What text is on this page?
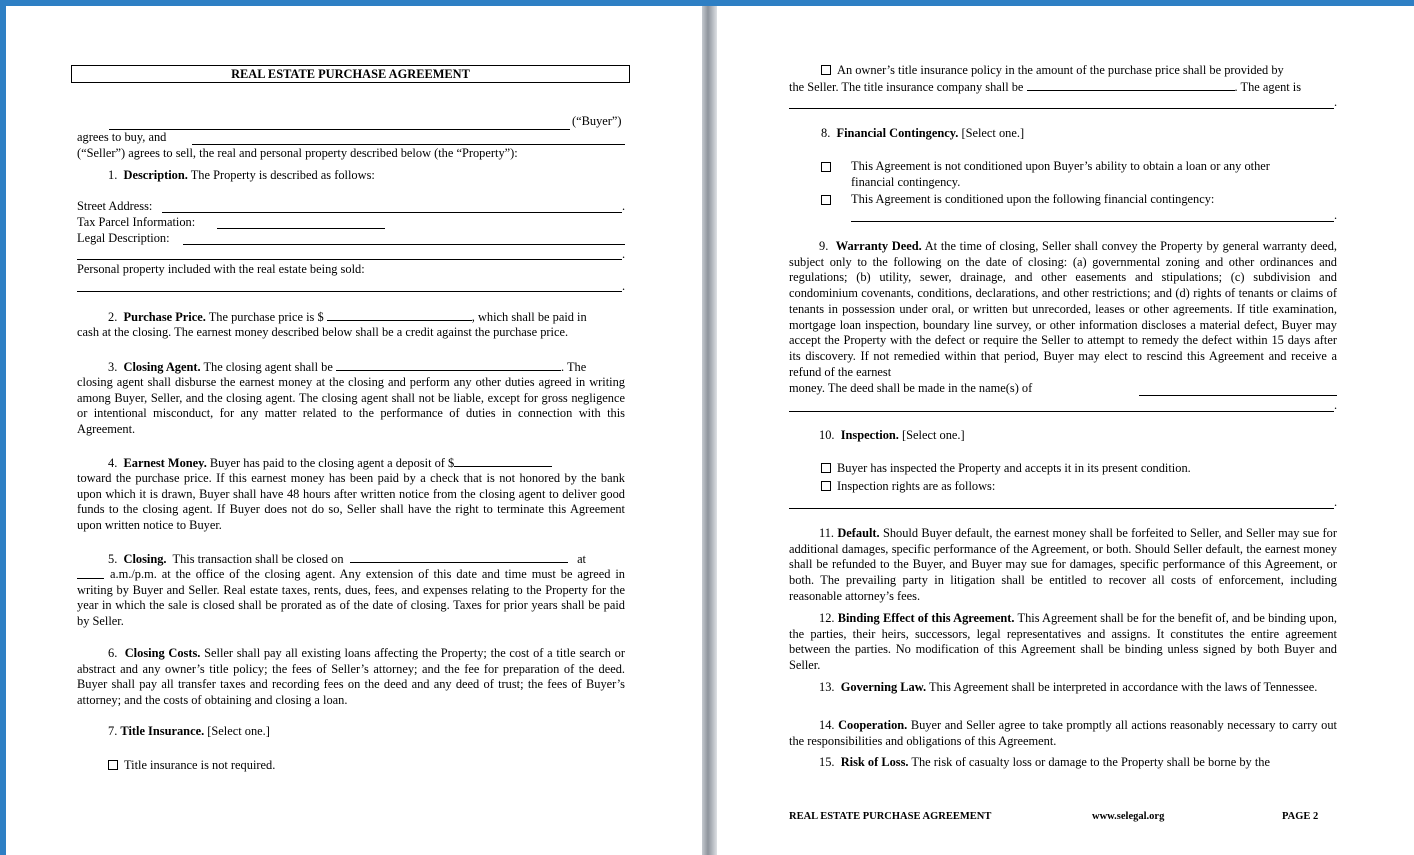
REAL ESTATE PURCHASE AGREEMENT
(“Buyer”)
agrees to buy, and
(“Seller”) agrees to sell, the real and personal property described below (the “Property”):
1. Description. The Property is described as follows:
Street Address:	.
Tax Parcel Information:
Legal Description:
.
Personal property included with the real estate being sold:
.
2. Purchase Price. The purchase price is $	, which shall be paid in
cash at the closing. The earnest money described below shall be a credit against the purchase price.
3. Closing Agent. The closing agent shall be	. The
closing agent shall disburse the earnest money at the closing and perform any other duties agreed in writing among Buyer, Seller, and the closing agent. The closing agent shall not be liable, except for gross negligence or intentional misconduct, for any matter related to the performance of duties in connection with this Agreement.
4. Earnest Money. Buyer has paid to the closing agent a deposit of $
toward the purchase price. If this earnest money has been paid by a check that is not honored by the bank upon which it is drawn, Buyer shall have 48 hours after written notice from the closing agent to deliver good funds to the closing agent. If Buyer does not do so, Seller shall have the right to terminate this Agreement upon written notice to Buyer.
5. Closing. This transaction shall be closed on	at
a.m./p.m. at the office of the closing agent. Any extension of this date and time must be agreed in writing by Buyer and Seller. Real estate taxes, rents, dues, fees, and expenses relating to the Property for the year in which the sale is closed shall be prorated as of the date of closing. Taxes for prior years shall be paid by Seller.
6. Closing Costs. Seller shall pay all existing loans affecting the Property; the cost of a title search or abstract and any owner’s title policy; the fees of Seller’s attorney; and the fee for preparation of the deed. Buyer shall pay all transfer taxes and recording fees on the deed and any deed of trust; the fees of Buyer’s attorney; and the costs of obtaining and closing a loan.
7. Title Insurance. [Select one.]
Title insurance is not required.
An owner’s title insurance policy in the amount of the purchase price shall be provided by
the Seller. The title insurance company shall be	. The agent is
.
8. Financial Contingency. [Select one.]
This Agreement is not conditioned upon Buyer’s ability to obtain a loan or any other
financial contingency.
This Agreement is conditioned upon the following financial contingency:
.
9. Warranty Deed. At the time of closing, Seller shall convey the Property by general warranty deed, subject only to the following on the date of closing: (a) governmental zoning and other ordinances and regulations; (b) utility, sewer, drainage, and other easements and stipulations; (c) subdivision and condominium covenants, conditions, declarations, and other restrictions; and (d) rights of tenants or claims of tenants in possession under oral, or written but unrecorded, leases or other agreements. If title examination, mortgage loan inspection, boundary line survey, or other information discloses a material defect, Buyer may accept the Property with the defect or require the Seller to attempt to remedy the defect within 15 days after its discovery. If not remedied within that period, Buyer may elect to rescind this Agreement and receive a refund of the earnest
money. The deed shall be made in the name(s) of
.
10. Inspection. [Select one.]
Buyer has inspected the Property and accepts it in its present condition.
Inspection rights are as follows:
.
11. Default. Should Buyer default, the earnest money shall be forfeited to Seller, and Seller may sue for additional damages, specific performance of the Agreement, or both. Should Seller default, the earnest money shall be refunded to the Buyer, and Buyer may sue for damages, specific performance of this Agreement, or both. The prevailing party in litigation shall be entitled to recover all costs of enforcement, including reasonable attorney’s fees.
12. Binding Effect of this Agreement. This Agreement shall be for the benefit of, and be binding upon, the parties, their heirs, successors, legal representatives and assigns. It constitutes the entire agreement between the parties. No modification of this Agreement shall be binding unless signed by both Buyer and Seller.
13. Governing Law. This Agreement shall be interpreted in accordance with the laws of Tennessee.
14. Cooperation. Buyer and Seller agree to take promptly all actions reasonably necessary to carry out the responsibilities and obligations of this Agreement.
15. Risk of Loss. The risk of casualty loss or damage to the Property shall be borne by the
REAL ESTATE PURCHASE AGREEMENT	www.selegal.org	PAGE 2
